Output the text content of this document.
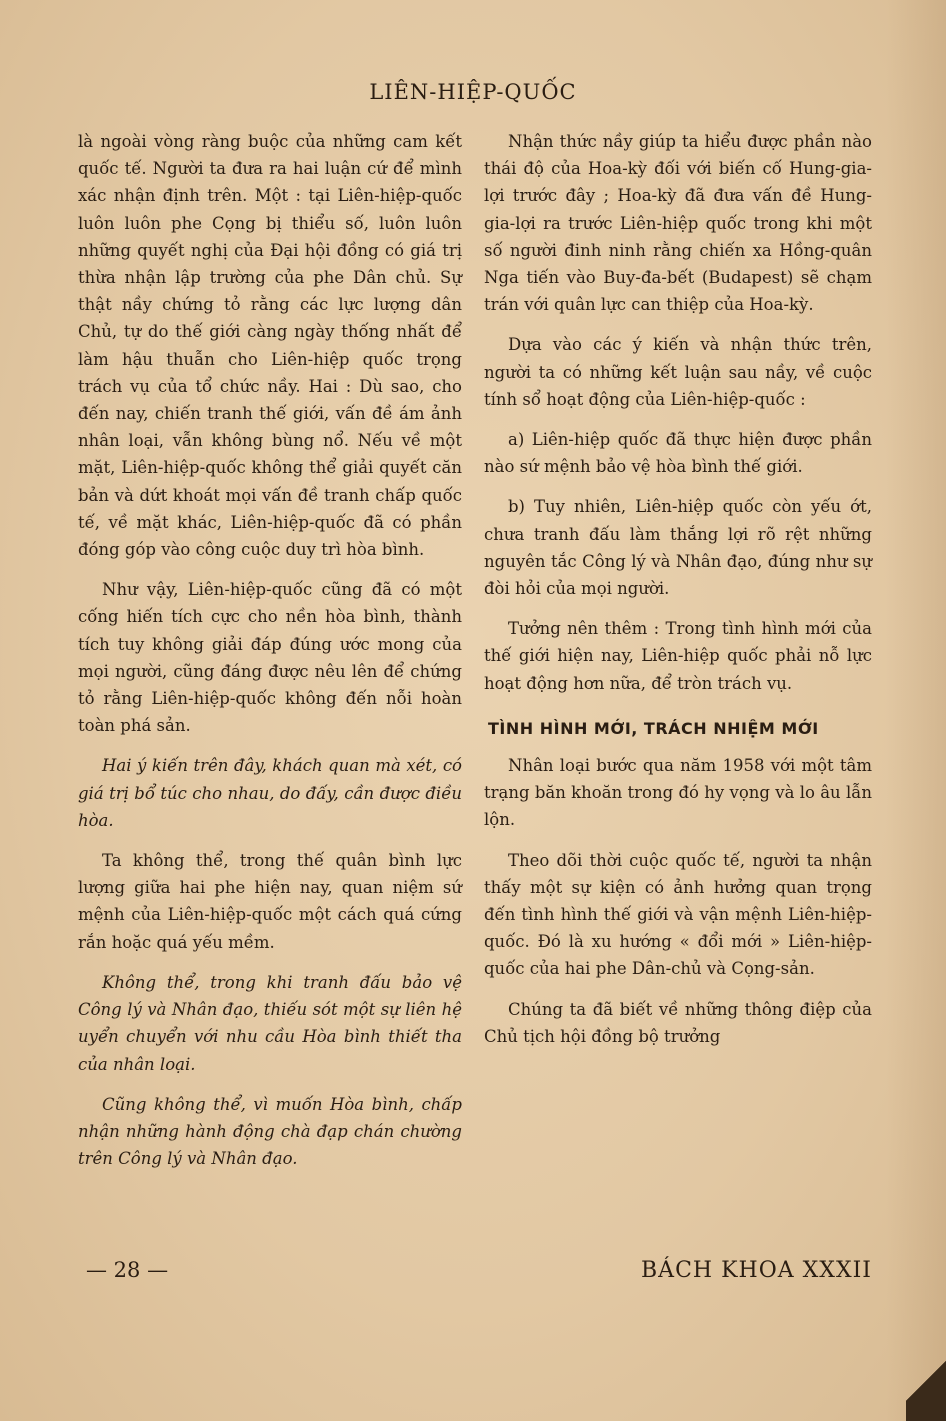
LIÊN-HIỆP-QUỐC

là ngoài vòng ràng buộc của những cam kết quốc tế. Người ta đưa ra hai luận cứ để mình xác nhận định trên. Một : tại Liên-hiệp-quốc luôn luôn phe Cọng bị thiểu số, luôn luôn những quyết nghị của Đại hội đồng có giá trị thừa nhận lập trường của phe Dân chủ. Sự thật nầy chứng tỏ rằng các lực lượng dân Chủ, tự do thế giới càng ngày thống nhất để làm hậu thuẫn cho Liên-hiệp quốc trọng trách vụ của tổ chức nầy. Hai : Dù sao, cho đến nay, chiến tranh thế giới, vấn đề ám ảnh nhân loại, vẫn không bùng nổ. Nếu về một mặt, Liên-hiệp-quốc không thể giải quyết căn bản và dứt khoát mọi vấn đề tranh chấp quốc tế, về mặt khác, Liên-hiệp-quốc đã có phần đóng góp vào công cuộc duy trì hòa bình.

Như vậy, Liên-hiệp-quốc cũng đã có một cống hiến tích cực cho nền hòa bình, thành tích tuy không giải đáp đúng ước mong của mọi người, cũng đáng được nêu lên để chứng tỏ rằng Liên-hiệp-quốc không đến nỗi hoàn toàn phá sản.

Hai ý kiến trên đây, khách quan mà xét, có giá trị bổ túc cho nhau, do đấy, cần được điều hòa.

Ta không thể, trong thế quân bình lực lượng giữa hai phe hiện nay, quan niệm sứ mệnh của Liên-hiệp-quốc một cách quá cứng rắn hoặc quá yếu mềm.

Không thể, trong khi tranh đấu bảo vệ Công lý và Nhân đạo, thiếu sót một sự liên hệ uyển chuyển với nhu cầu Hòa bình thiết tha của nhân loại.

Cũng không thể, vì muốn Hòa bình, chấp nhận những hành động chà đạp chán chường trên Công lý và Nhân đạo.

Nhận thức nầy giúp ta hiểu được phần nào thái độ của Hoa-kỳ đối với biến cố Hung-gia-lợi trước đây ; Hoa-kỳ đã đưa vấn đề Hung-gia-lợi ra trước Liên-hiệp quốc trong khi một số người đinh ninh rằng chiến xa Hồng-quân Nga tiến vào Buy-đa-bết (Budapest) sẽ chạm trán với quân lực can thiệp của Hoa-kỳ.

Dựa vào các ý kiến và nhận thức trên, người ta có những kết luận sau nầy, về cuộc tính sổ hoạt động của Liên-hiệp-quốc :

a) Liên-hiệp quốc đã thực hiện được phần nào sứ mệnh bảo vệ hòa bình thế giới.

b) Tuy nhiên, Liên-hiệp quốc còn yếu ớt, chưa tranh đấu làm thắng lợi rõ rệt những nguyên tắc Công lý và Nhân đạo, đúng như sự đòi hỏi của mọi người.

Tưởng nên thêm : Trong tình hình mới của thế giới hiện nay, Liên-hiệp quốc phải nỗ lực hoạt động hơn nữa, để tròn trách vụ.

TÌNH HÌNH MỚI, TRÁCH NHIỆM MỚI

Nhân loại bước qua năm 1958 với một tâm trạng băn khoăn trong đó hy vọng và lo âu lẫn lộn.

Theo dõi thời cuộc quốc tế, người ta nhận thấy một sự kiện có ảnh hưởng quan trọng đến tình hình thế giới và vận mệnh Liên-hiệp-quốc. Đó là xu hướng « đổi mới » Liên-hiệp-quốc của hai phe Dân-chủ và Cọng-sản.

Chúng ta đã biết về những thông điệp của Chủ tịch hội đồng bộ trưởng

— 28 —	BÁCH KHOA XXXII
